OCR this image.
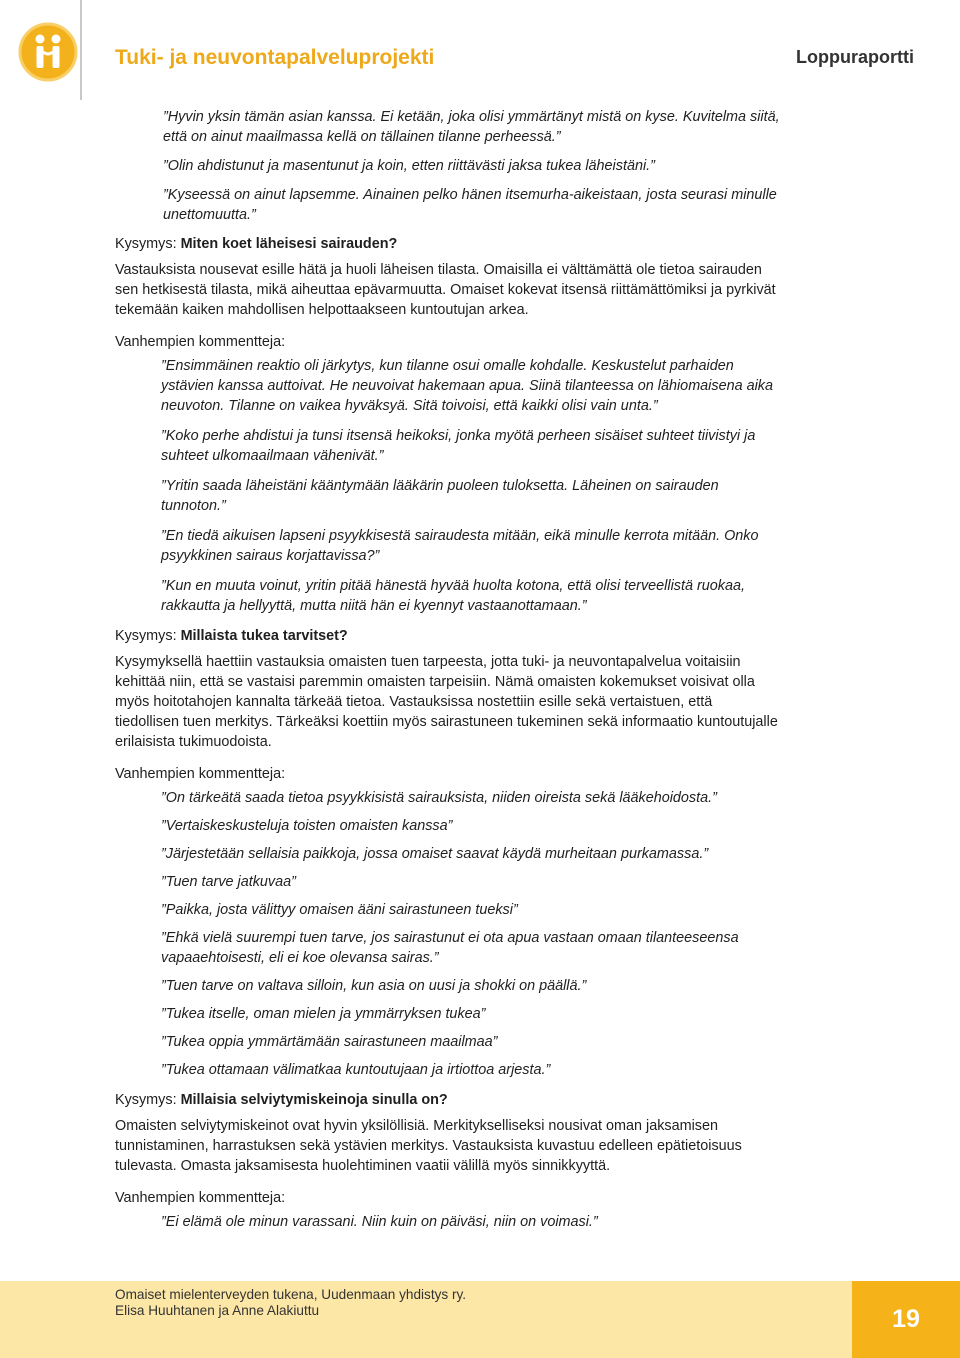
Tuki- ja neuvontapalveluprojekti	Loppuraportti

”Hyvin yksin tämän asian kanssa. Ei ketään, joka olisi ymmärtänyt mistä on kyse. Kuvitelma siitä, että on ainut maailmassa kellä on tällainen tilanne perheessä.”

”Olin ahdistunut ja masentunut ja koin, etten riittävästi jaksa tukea läheistäni.”

”Kyseessä on ainut lapsemme. Ainainen pelko hänen itsemurha-aikeistaan, josta seurasi minulle unettomuutta.”

Kysymys: Miten koet läheisesi sairauden?

Vastauksista nousevat esille hätä ja huoli läheisen tilasta. Omaisilla ei välttämättä ole tietoa sairauden sen hetkisestä tilasta, mikä aiheuttaa epävarmuutta. Omaiset kokevat itsensä riittämättömiksi ja pyrkivät tekemään kaiken mahdollisen helpottaakseen kuntoutujan arkea.

Vanhempien kommentteja:

”Ensimmäinen reaktio oli järkytys, kun tilanne osui omalle kohdalle. Keskustelut parhaiden ystävien kanssa auttoivat. He neuvoivat hakemaan apua. Siinä tilanteessa on lähiomaisena aika neuvoton. Tilanne on vaikea hyväksyä. Sitä toivoisi, että kaikki olisi vain unta.”

”Koko perhe ahdistui ja tunsi itsensä heikoksi, jonka myötä perheen sisäiset suhteet tiivistyi ja suhteet ulkomaailmaan vähenivät.”

”Yritin saada läheistäni kääntymään lääkärin puoleen tuloksetta. Läheinen on sairauden tunnoton.”

”En tiedä aikuisen lapseni psyykkisestä sairaudesta mitään, eikä minulle kerrota mitään. Onko psyykkinen sairaus korjattavissa?”

”Kun en muuta voinut, yritin pitää hänestä hyvää huolta kotona, että olisi terveellistä ruokaa, rakkautta ja hellyyttä, mutta niitä hän ei kyennyt vastaanottamaan.”

Kysymys: Millaista tukea tarvitset?

Kysymyksellä haettiin vastauksia omaisten tuen tarpeesta, jotta tuki- ja neuvontapalvelua voitaisiin kehittää niin, että se vastaisi paremmin omaisten tarpeisiin. Nämä omaisten kokemukset voisivat olla myös hoitotahojen kannalta tärkeää tietoa. Vastauksissa nostettiin esille sekä vertaistuen, että tiedollisen tuen merkitys. Tärkeäksi koettiin myös sairastuneen tukeminen sekä informaatio kuntoutujalle erilaisista tukimuodoista.

Vanhempien kommentteja:

”On tärkeätä saada tietoa psyykkisistä sairauksista, niiden oireista sekä lääkehoidosta.”

”Vertaiskeskusteluja toisten omaisten kanssa”

”Järjestetään sellaisia paikkoja, jossa omaiset saavat käydä murheitaan purkamassa.”

”Tuen tarve jatkuvaa”

”Paikka, josta välittyy omaisen ääni sairastuneen tueksi”

”Ehkä vielä suurempi tuen tarve, jos sairastunut ei ota apua vastaan omaan tilanteeseensa vapaaehtoisesti, eli ei koe olevansa sairas.”

”Tuen tarve on valtava silloin, kun asia on uusi ja shokki on päällä.”

”Tukea itselle, oman mielen ja ymmärryksen tukea”

”Tukea oppia ymmärtämään sairastuneen maailmaa”

”Tukea ottamaan välimatkaa kuntoutujaan ja irtiottoa arjesta.”

Kysymys: Millaisia selviytymiskeinoja sinulla on?

Omaisten selviytymiskeinot ovat hyvin yksilöllisiä. Merkitykselliseksi nousivat oman jaksamisen tunnistaminen, harrastuksen sekä ystävien merkitys. Vastauksista kuvastuu edelleen epätietoisuus tulevasta. Omasta jaksamisesta huolehtiminen vaatii välillä myös sinnikkyyttä.

Vanhempien kommentteja:

”Ei elämä ole minun varassani. Niin kuin on päiväsi, niin on voimasi.”

Omaiset mielenterveyden tukena, Uudenmaan yhdistys ry.
Elisa Huuhtanen ja Anne Alakiuttu	19
